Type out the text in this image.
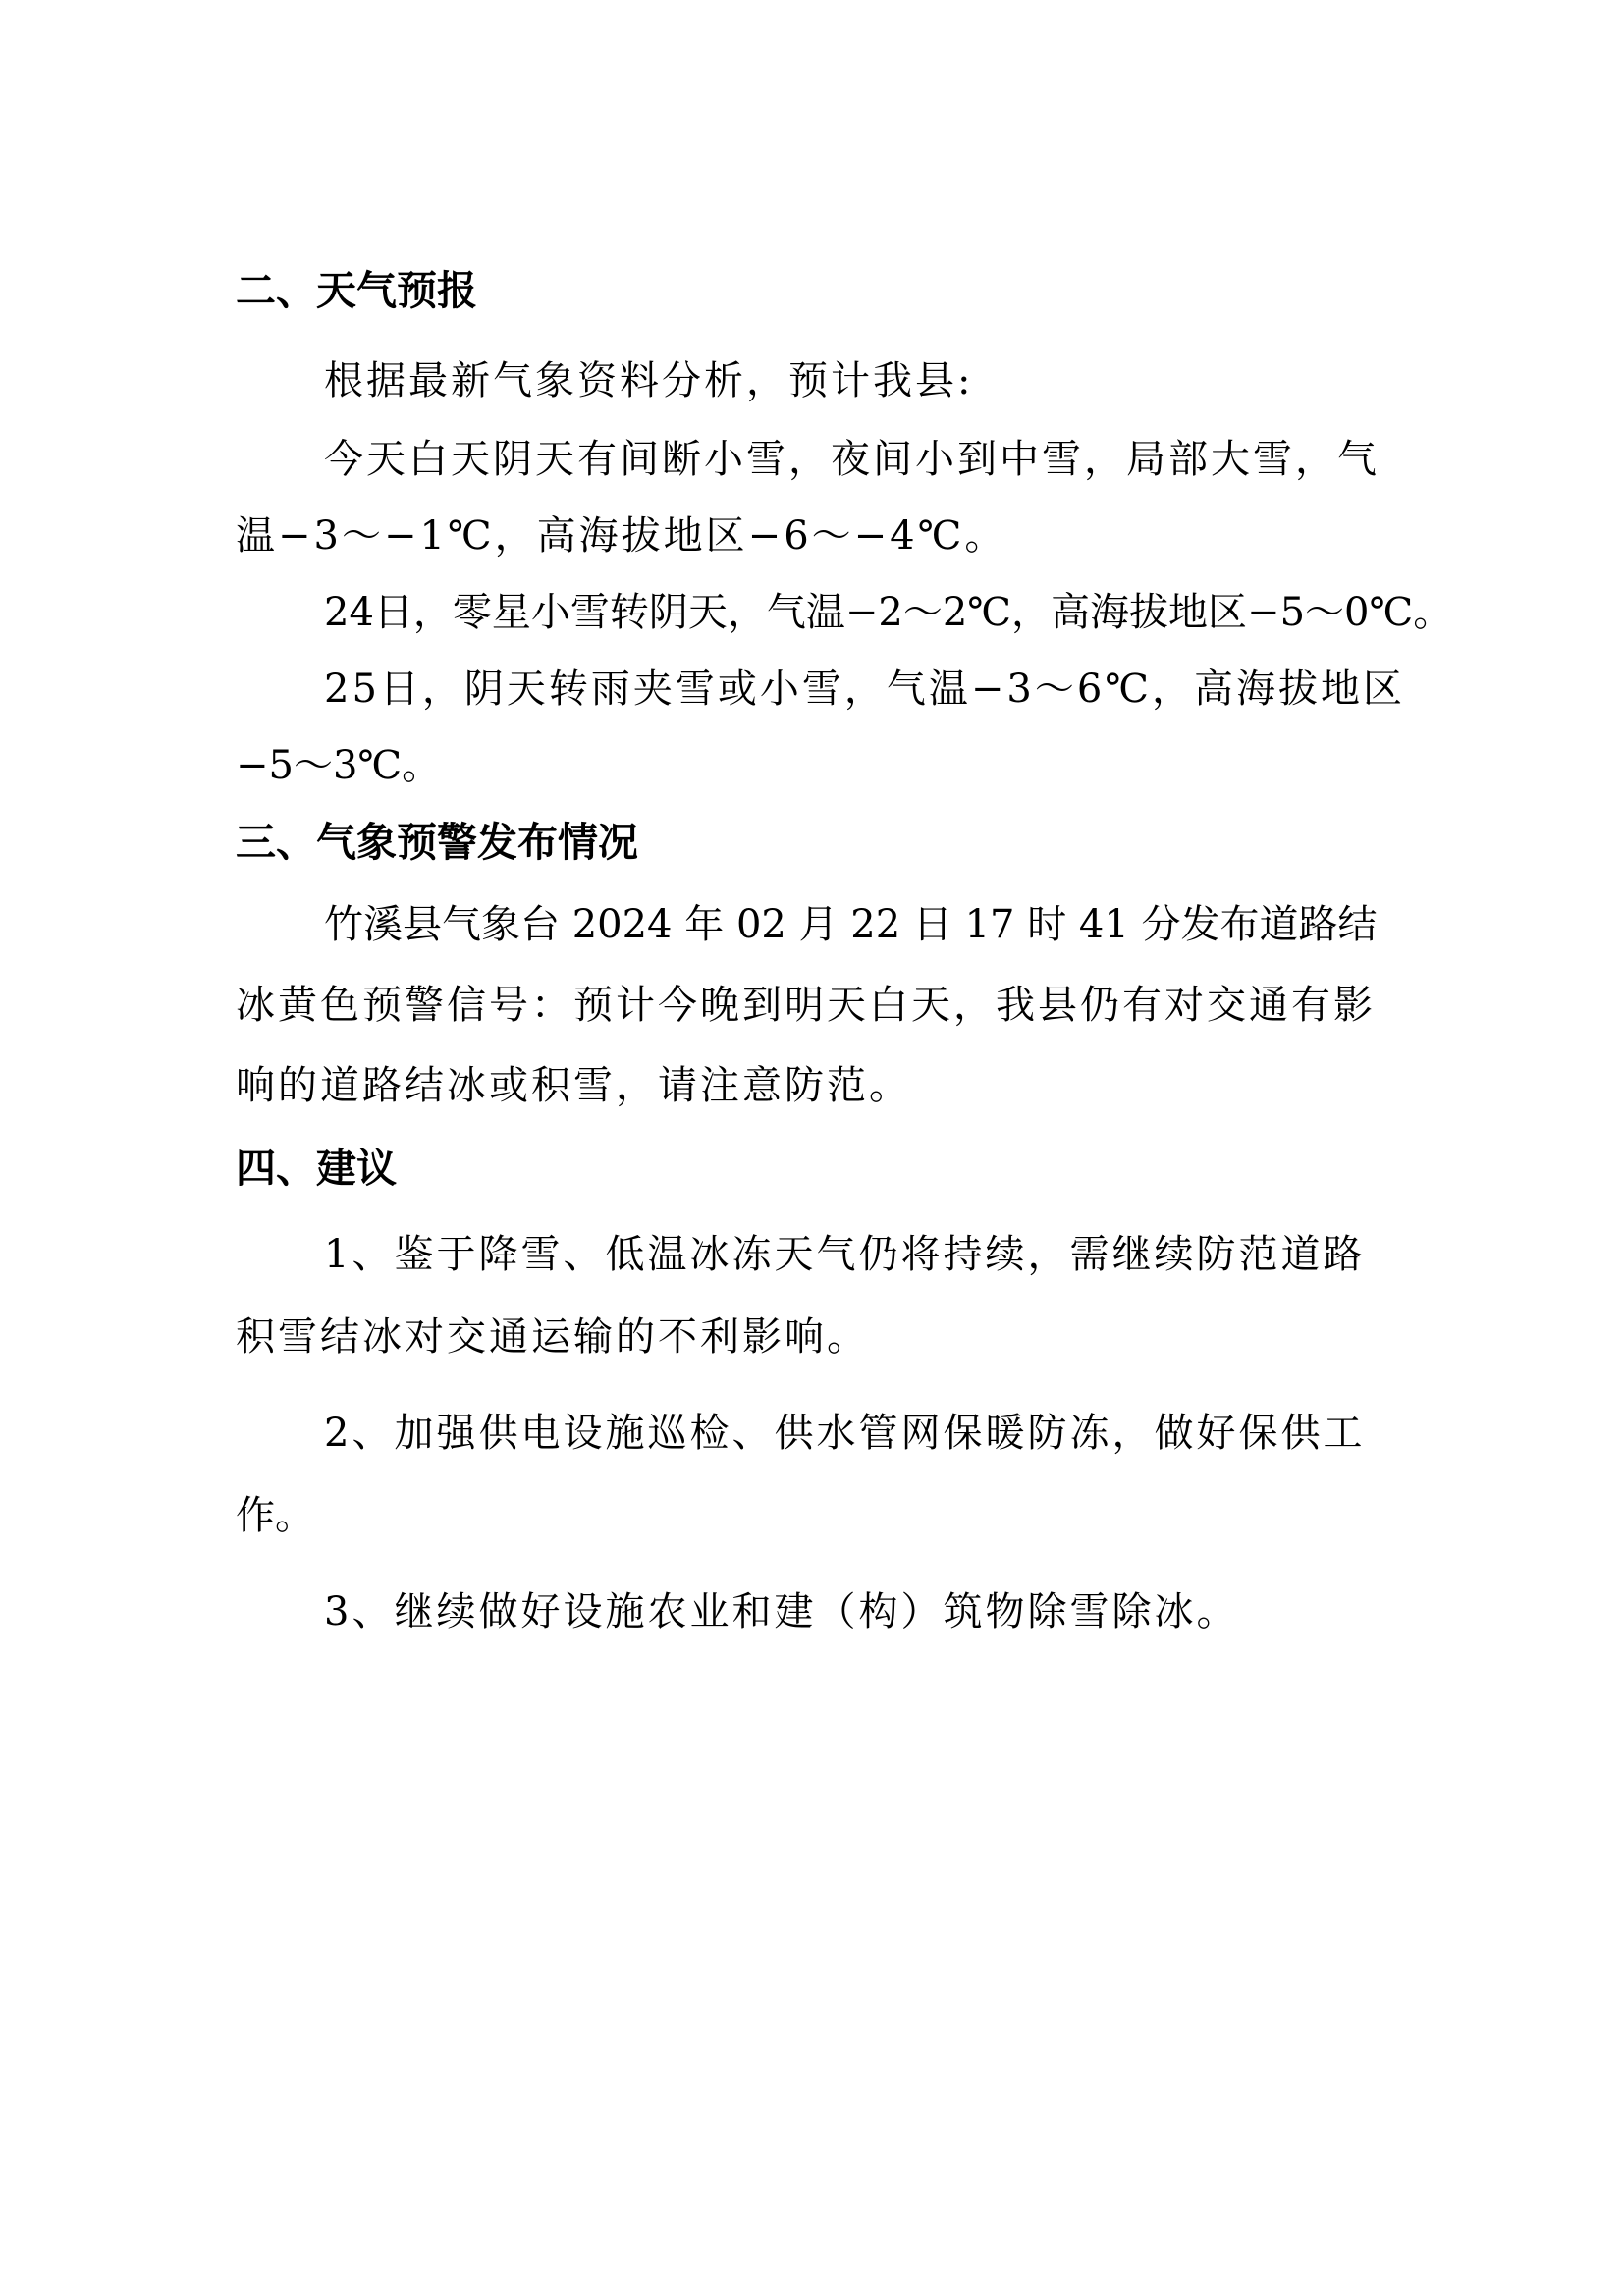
二、天气预报
根据最新气象资料分析，预计我县:
今天白天阴天有间断小雪，夜间小到中雪，局部大雪，气
温−3～−1℃，高海拔地区−6～−4℃。
24日，零星小雪转阴天，气温−2～2℃，高海拔地区−5～0℃。
25日，阴天转雨夹雪或小雪，气温−3～6℃，高海拔地区
−5～3℃。
三、气象预警发布情况
竹溪县气象台 2024 年 02 月 22 日 17 时 41 分发布道路结
冰黄色预警信号：预计今晚到明天白天，我县仍有对交通有影
响的道路结冰或积雪，请注意防范。
四、建议
1、鉴于降雪、低温冰冻天气仍将持续，需继续防范道路
积雪结冰对交通运输的不利影响。
2、加强供电设施巡检、供水管网保暖防冻，做好保供工
作。
3、继续做好设施农业和建（构）筑物除雪除冰。
